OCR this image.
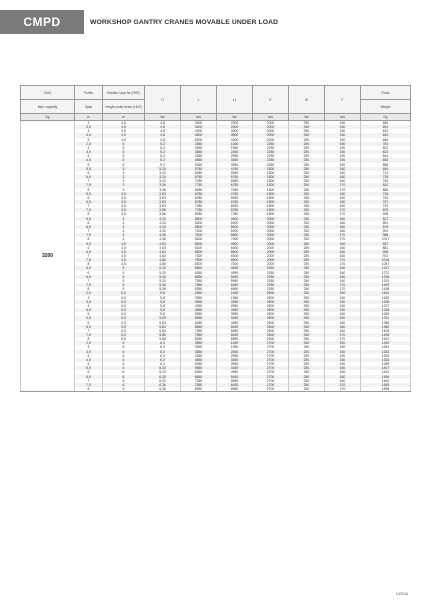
CMPD	WORKSHOP GANTRY CRANES MOVABLE UNDER LOAD
CMU	Portée	Hauteur sous fer (HSF)	H	L	L1	E	Ø	F	Poids
Max. capacity	Span	Height under beam (HUF)							Weight
Kg	m	m	mm	mm	mm	mm	mm	mm	Kg
3200	3	4,5	4,8	3300	2300	2000	250	150	580
	3,5	4,5	4,8	3400	2000	2000	250	150	661
	4	4,5	4,8	4300	3300	2000	250	150	622
	4,5	4,5	4,8	4800	3800	2000	250	150	643
	5	4,5	4,8	5300	4300	2000	250	150	664
	2,5	5	5,3	2850	1450	2250	250	150	781
	3	5	5,3	3350	1950	2250	250	150	802
	3,5	5	5,3	3850	2450	2250	250	150	823
	4	5	5,3	4350	2950	2250	250	150	844
	4,5	5	5,3	4850	3450	2250	250	150	865
	5	5	5,3	5350	3950	2250	250	150	886
	5,5	5	5,33	5780	4780	1500	250	160	690
	6	3	3,33	6280	5280	1500	250	160	714
	6,5	3	3,33	6780	5780	1500	250	160	739
	7	3	3,33	7280	6280	1500	250	160	764
	7,5	3	3,36	7780	6780	1500	250	170	851
	8	3	3,36	8280	7280	1500	250	170	880
	5,5	3,5	3,83	5780	4780	1500	250	160	718
	6	3,5	3,83	6280	5280	1500	250	160	742
	6,5	3,5	3,83	6780	5780	1500	250	160	767
	7	3,5	3,83	7280	6280	1500	250	160	792
	7,5	3,5	3,86	7780	6780	1500	250	170	879
	8	3,5	3,86	8280	7280	1500	250	170	908
	5,5	4	4,33	5800	4800	2000	250	160	827
	6	4	4,33	6300	5300	2000	250	160	851
	6,5	4	4,33	6800	5800	2000	250	160	876
	7	4	4,33	7300	6300	2000	250	160	901
	7,5	4	4,36	7800	6800	2000	250	170	988
	8	4	4,36	8300	7300	2000	250	170	1017
	5,5	4,5	4,83	5800	4800	2000	250	160	857
	6	4,5	4,83	6300	5300	2000	250	160	881
	6,5	4,5	4,83	6800	5800	2000	250	160	906
	7	4,5	4,83	7300	6300	2000	250	160	931
	7,5	4,5	4,86	7800	6800	2000	250	170	1018
	8	4,5	4,86	8300	7300	2000	250	170	1047
	5,5	5	5,33	5850	4450	2250	250	160	1247
	6	5	5,33	6350	4950	2250	250	160	1272
	6,5	5	5,33	6850	5450	2250	250	160	1296
	7	5	5,33	7350	5950	2250	250	160	1321
	7,5	5	5,36	7850	6450	2250	250	170	1409
	8	5	5,36	8350	6950	2250	250	170	1438
	2,5	5,5	5,8	2850	1450	2500	250	150	1164
	3	5,5	5,8	3350	1950	2500	250	150	1185
	3,5	5,5	5,8	3850	2450	2500	250	150	1206
	4	5,5	5,8	4350	2950	2500	250	150	1227
	4,5	5,5	5,8	4850	3450	2500	250	150	1248
	5	5,5	5,8	5350	3950	2500	250	150	1269
	5,5	5,5	5,83	5850	4450	2500	250	160	1331
	6	5,5	5,83	6350	4950	2500	250	160	1356
	6,5	5,5	5,83	6850	5450	2500	250	160	1380
	7	5,5	5,83	7350	5950	2500	250	160	1405
	7,5	5,5	5,86	7850	6450	2500	250	170	1493
	8	5,5	5,86	8350	6950	2500	250	170	1522
	2,5	6	6,3	2850	1450	2700	250	150	1240
	3	6	6,3	3350	1950	2700	250	150	1261
	3,5	6	6,3	3850	2450	2700	250	150	1282
	4	6	6,3	4350	2950	2700	250	150	1303
	4,5	6	6,3	4850	3450	2700	250	150	1324
	5	6	6,3	5350	3950	2700	250	150	1345
	5,5	6	6,33	5850	4450	2700	250	160	1407
	6	6	6,33	6350	4950	2700	250	160	1431
	6,5	6	6,33	6850	5450	2700	250	160	1456
	7	6	6,33	7350	5950	2700	250	160	1481
	7,5	6	6,36	7850	6450	2700	250	170	1569
	8	6	6,36	8350	6950	2700	250	170	1598
10/2016
